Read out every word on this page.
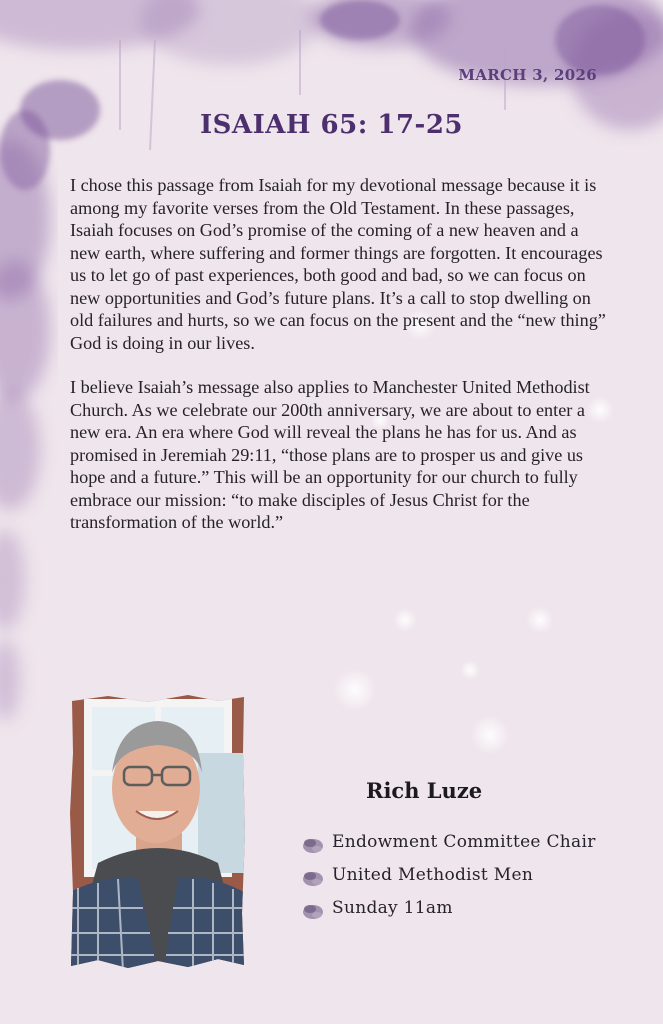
MARCH 3, 2026
ISAIAH 65: 17-25

I chose this passage from Isaiah for my devotional message because it is among my favorite verses from the Old Testament. In these passages, Isaiah focuses on God’s promise of the coming of a new heaven and a new earth, where suffering and former things are forgotten. It encourages us to let go of past experiences, both good and bad, so we can focus on new opportunities and God’s future plans. It’s a call to stop dwelling on old failures and hurts, so we can focus on the present and the “new thing” God is doing in our lives.

I believe Isaiah’s message also applies to Manchester United Methodist Church. As we celebrate our 200th anniversary, we are about to enter a new era. An era where God will reveal the plans he has for us. And as promised in Jeremiah 29:11, “those plans are to prosper us and give us hope and a future.” This will be an opportunity for our church to fully embrace our mission: “to make disciples of Jesus Christ for the transformation of the world.”

Rich Luze
Endowment Committee Chair
United Methodist Men
Sunday 11am
